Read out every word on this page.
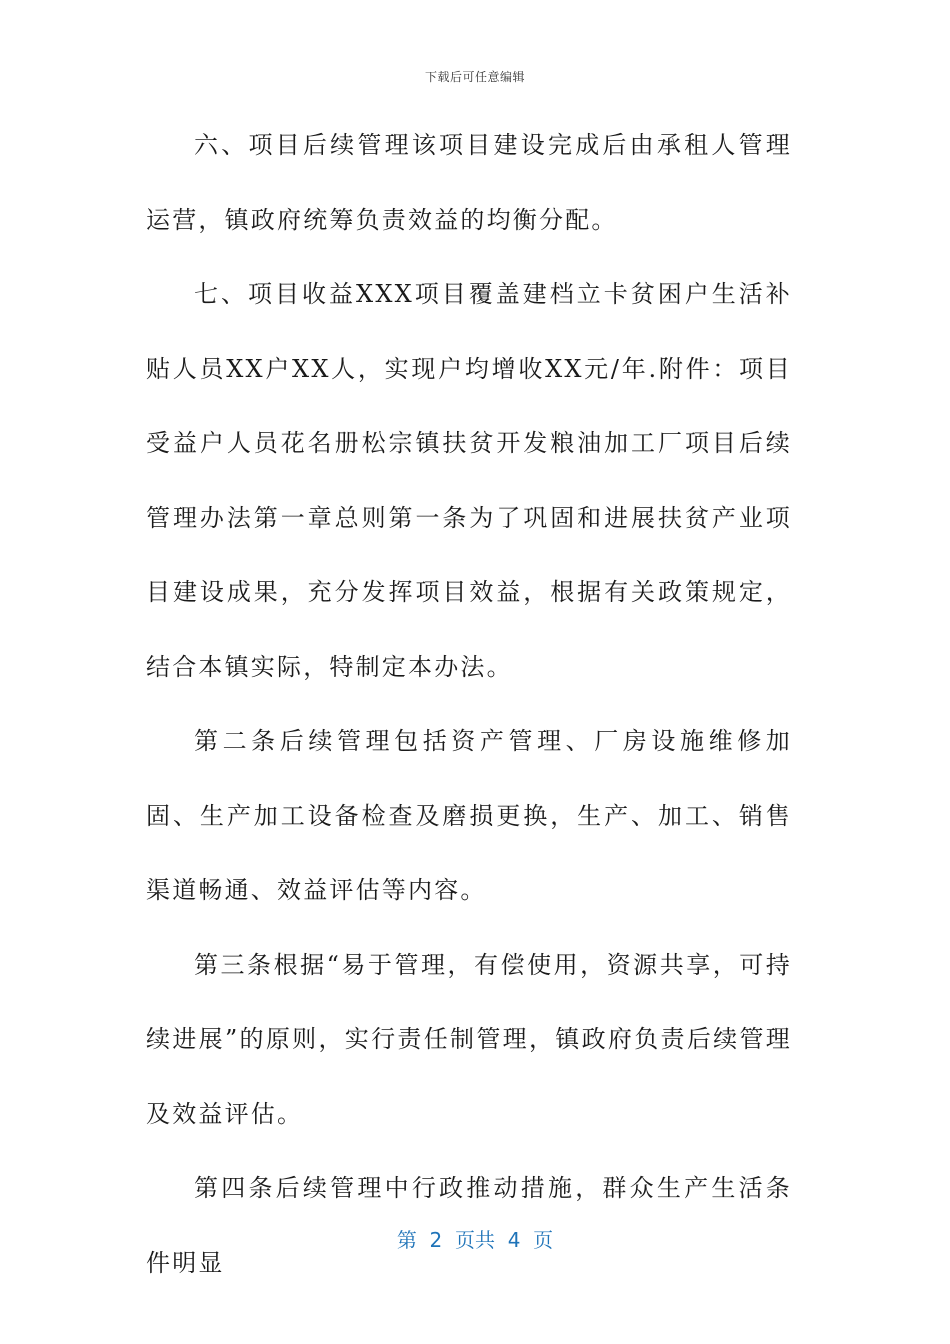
下载后可任意编辑

六、项目后续管理该项目建设完成后由承租人管理运营，镇政府统筹负责效益的均衡分配。

七、项目收益XXX项目覆盖建档立卡贫困户生活补贴人员XX户XX人，实现户均增收XX元/年.附件：项目受益户人员花名册松宗镇扶贫开发粮油加工厂项目后续管理办法第一章总则第一条为了巩固和进展扶贫产业项目建设成果，充分发挥项目效益，根据有关政策规定，结合本镇实际，特制定本办法。

第二条后续管理包括资产管理、厂房设施维修加固、生产加工设备检查及磨损更换，生产、加工、销售渠道畅通、效益评估等内容。

第三条根据“易于管理，有偿使用，资源共享，可持续进展”的原则，实行责任制管理，镇政府负责后续管理及效益评估。

第四条后续管理中行政推动措施，群众生产生活条件明显

第  2  页共  4  页
